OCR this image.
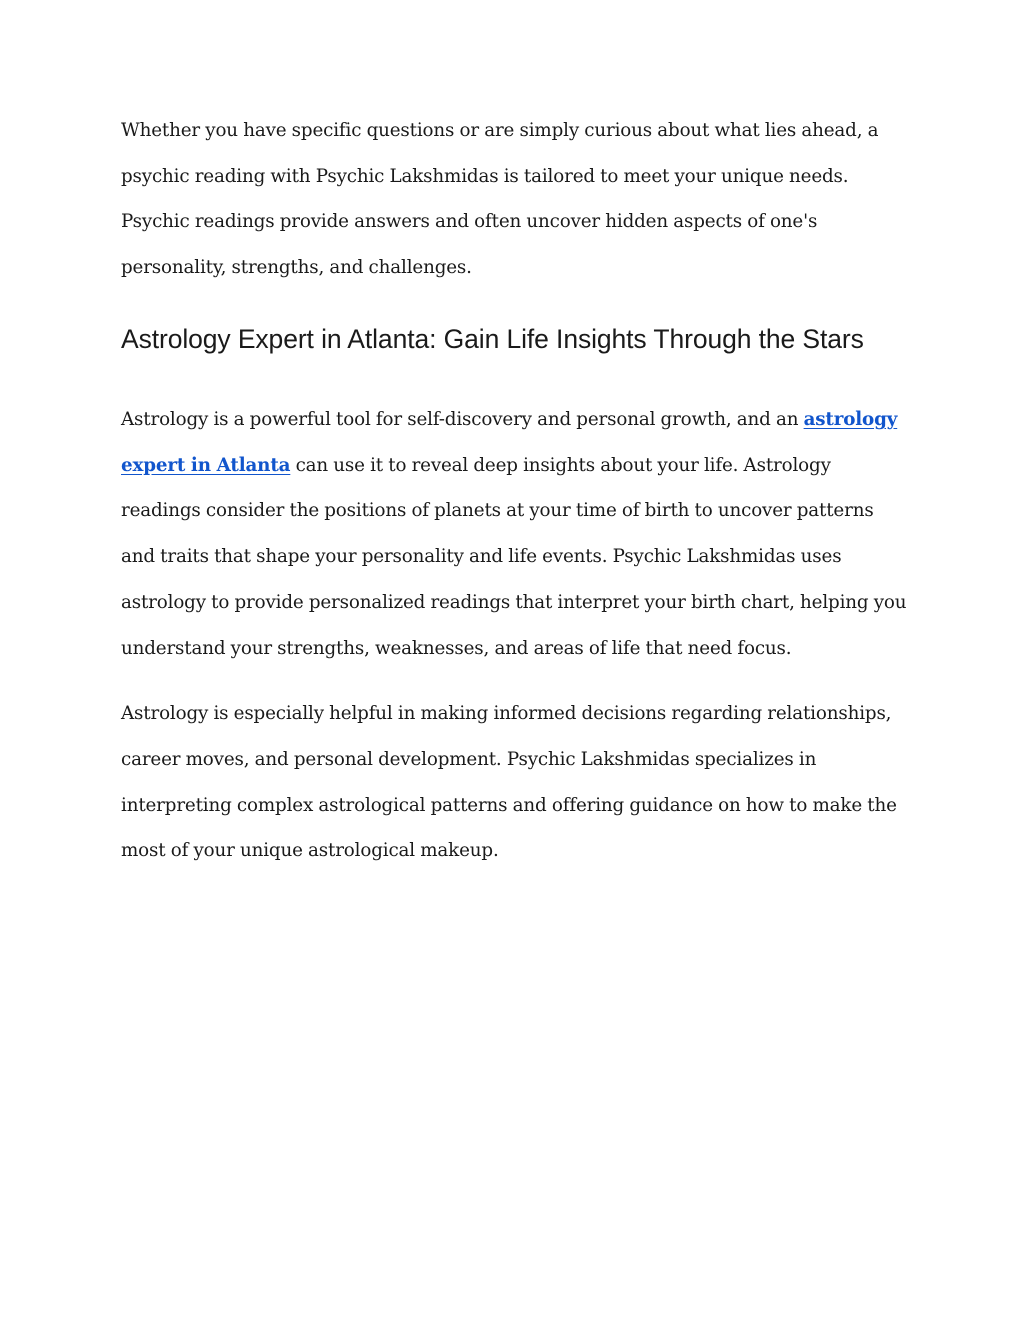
Whether you have specific questions or are simply curious about what lies ahead, a psychic reading with Psychic Lakshmidas is tailored to meet your unique needs. Psychic readings provide answers and often uncover hidden aspects of one's personality, strengths, and challenges.

Astrology Expert in Atlanta: Gain Life Insights Through the Stars

Astrology is a powerful tool for self-discovery and personal growth, and an astrology expert in Atlanta can use it to reveal deep insights about your life. Astrology readings consider the positions of planets at your time of birth to uncover patterns and traits that shape your personality and life events. Psychic Lakshmidas uses astrology to provide personalized readings that interpret your birth chart, helping you understand your strengths, weaknesses, and areas of life that need focus.

Astrology is especially helpful in making informed decisions regarding relationships, career moves, and personal development. Psychic Lakshmidas specializes in interpreting complex astrological patterns and offering guidance on how to make the most of your unique astrological makeup.
